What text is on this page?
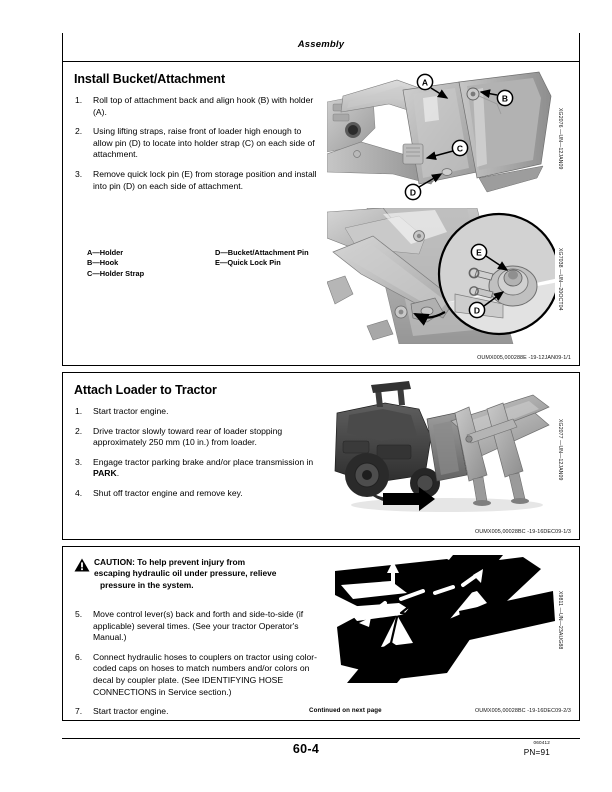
Assembly
Install Bucket/Attachment
1.	Roll top of attachment back and align hook (B) with holder (A).
2.	Using lifting straps, raise front of loader high enough to allow pin (D) to locate into holder strap (C) on each side of attachment.
3.	Remove quick lock pin (E) from storage position and install into pin (D) on each side of attachment.
A—Holder
B—Hook
C—Holder Strap
D—Bucket/Attachment Pin
E—Quick Lock Pin
A
B
C
D
XG2076 —UN—12JAN09
E
D	XG7038 —UN—20OCT04
OUMX005,000288E -19-12JAN09-1/1
Attach Loader to Tractor
1.	Start tractor engine.
2.	Drive tractor slowly toward rear of loader stopping approximately 250 mm (10 in.) from loader.
3.	Engage tractor parking brake and/or place transmission in PARK.
4.	Shut off tractor engine and remove key.
XG2077 —UN—12JAN09
OUMX005,00028BC -19-16DEC09-1/3
CAUTION: To help prevent injury from
escaping hydraulic oil under pressure, relieve

pressure in the system.
5.	Move control lever(s) back and forth and side-to-side (if applicable) several times. (See your tractor Operator's Manual.)
6.	Connect hydraulic hoses to couplers on tractor using color-coded caps on hoses to match numbers and/or colors on decal by coupler plate. (See IDENTIFYING HOSE CONNECTIONS in Service section.)
7.	Start tractor engine.
X9811 —UN—23AUG88
Continued on next page	OUMX005,00028BC -19-16DEC09-2/3
60-4	060412
PN=91
